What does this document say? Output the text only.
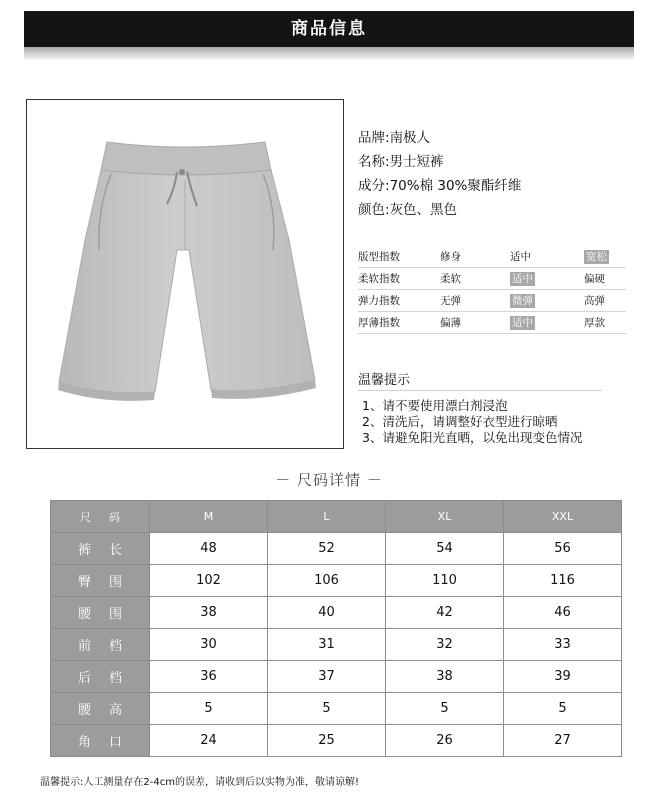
商品信息
品牌:南极人
名称:男士短裤
成分:70%棉 30%聚酯纤维
颜色:灰色、黑色
版型指数	修身	适中	宽松
柔软指数	柔软	适中	偏硬
弹力指数	无弹	微弹	高弹
厚薄指数	偏薄	适中	厚款
温馨提示
1、请不要使用漂白剂浸泡
2、清洗后，请调整好衣型进行晾晒
3、请避免阳光直晒，以免出现变色情况
－ 尺码详情 －
尺码	M	L	XL	XXL
裤长	48	52	54	56
臀围	102	106	110	116
腰围	38	40	42	46
前档	30	31	32	33
后档	36	37	38	39
腰高	5	5	5	5
角口	24	25	26	27
温馨提示:人工测量存在2-4cm的误差，请收到后以实物为准，敬请谅解!
